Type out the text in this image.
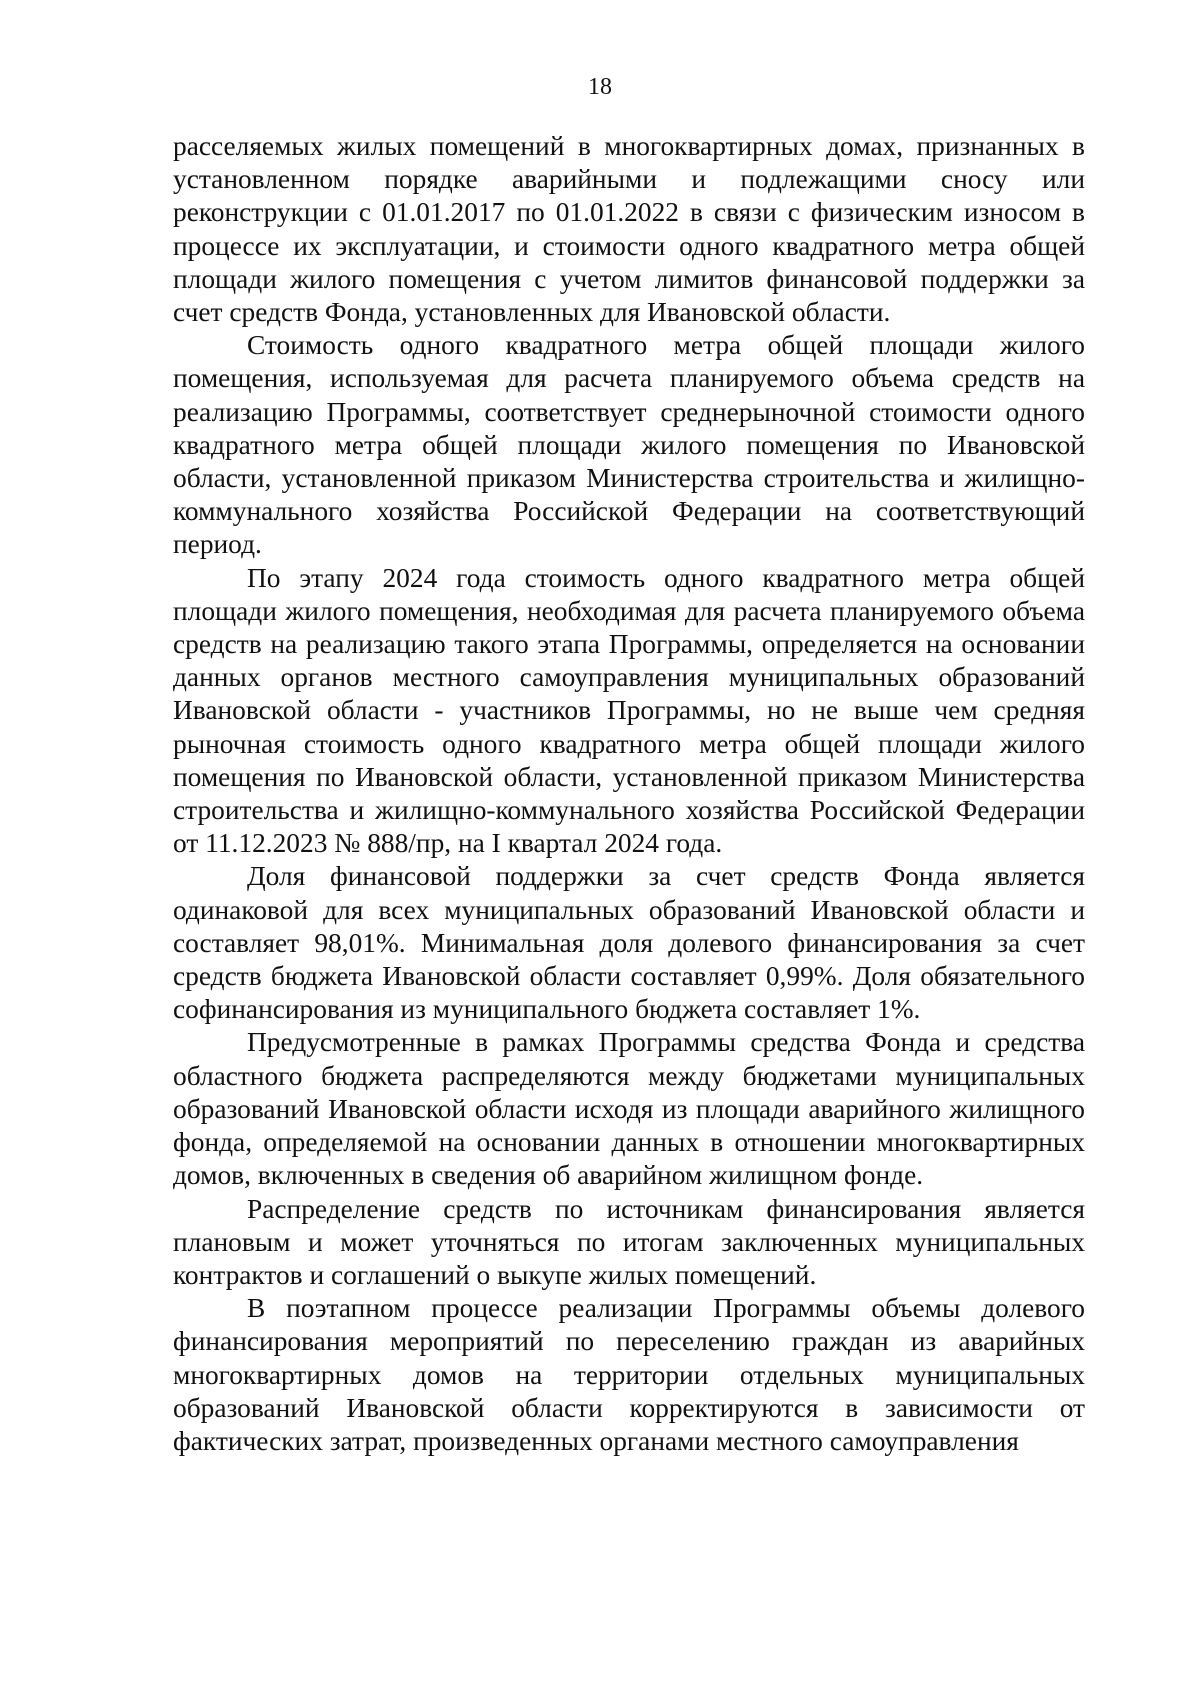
18

расселяемых жилых помещений в многоквартирных домах, признанных в установленном порядке аварийными и подлежащими сносу или реконструкции с 01.01.2017 по 01.01.2022 в связи с физическим износом в процессе их эксплуатации, и стоимости одного квадратного метра общей площади жилого помещения с учетом лимитов финансовой поддержки за счет средств Фонда, установленных для Ивановской области.

Стоимость одного квадратного метра общей площади жилого помещения, используемая для расчета планируемого объема средств на реализацию Программы, соответствует среднерыночной стоимости одного квадратного метра общей площади жилого помещения по Ивановской области, установленной приказом Министерства строительства и жилищно-коммунального хозяйства Российской Федерации на соответствующий период.

По этапу 2024 года стоимость одного квадратного метра общей площади жилого помещения, необходимая для расчета планируемого объема средств на реализацию такого этапа Программы, определяется на основании данных органов местного самоуправления муниципальных образований Ивановской области - участников Программы, но не выше чем средняя рыночная стоимость одного квадратного метра общей площади жилого помещения по Ивановской области, установленной приказом Министерства строительства и жилищно-коммунального хозяйства Российской Федерации от 11.12.2023 № 888/пр, на I квартал 2024 года.

Доля финансовой поддержки за счет средств Фонда является одинаковой для всех муниципальных образований Ивановской области и составляет 98,01%. Минимальная доля долевого финансирования за счет средств бюджета Ивановской области составляет 0,99%. Доля обязательного софинансирования из муниципального бюджета составляет 1%.

Предусмотренные в рамках Программы средства Фонда и средства областного бюджета распределяются между бюджетами муниципальных образований Ивановской области исходя из площади аварийного жилищного фонда, определяемой на основании данных в отношении многоквартирных домов, включенных в сведения об аварийном жилищном фонде.

Распределение средств по источникам финансирования является плановым и может уточняться по итогам заключенных муниципальных контрактов и соглашений о выкупе жилых помещений.

В поэтапном процессе реализации Программы объемы долевого финансирования мероприятий по переселению граждан из аварийных многоквартирных домов на территории отдельных муниципальных образований Ивановской области корректируются в зависимости от фактических затрат, произведенных органами местного самоуправления
